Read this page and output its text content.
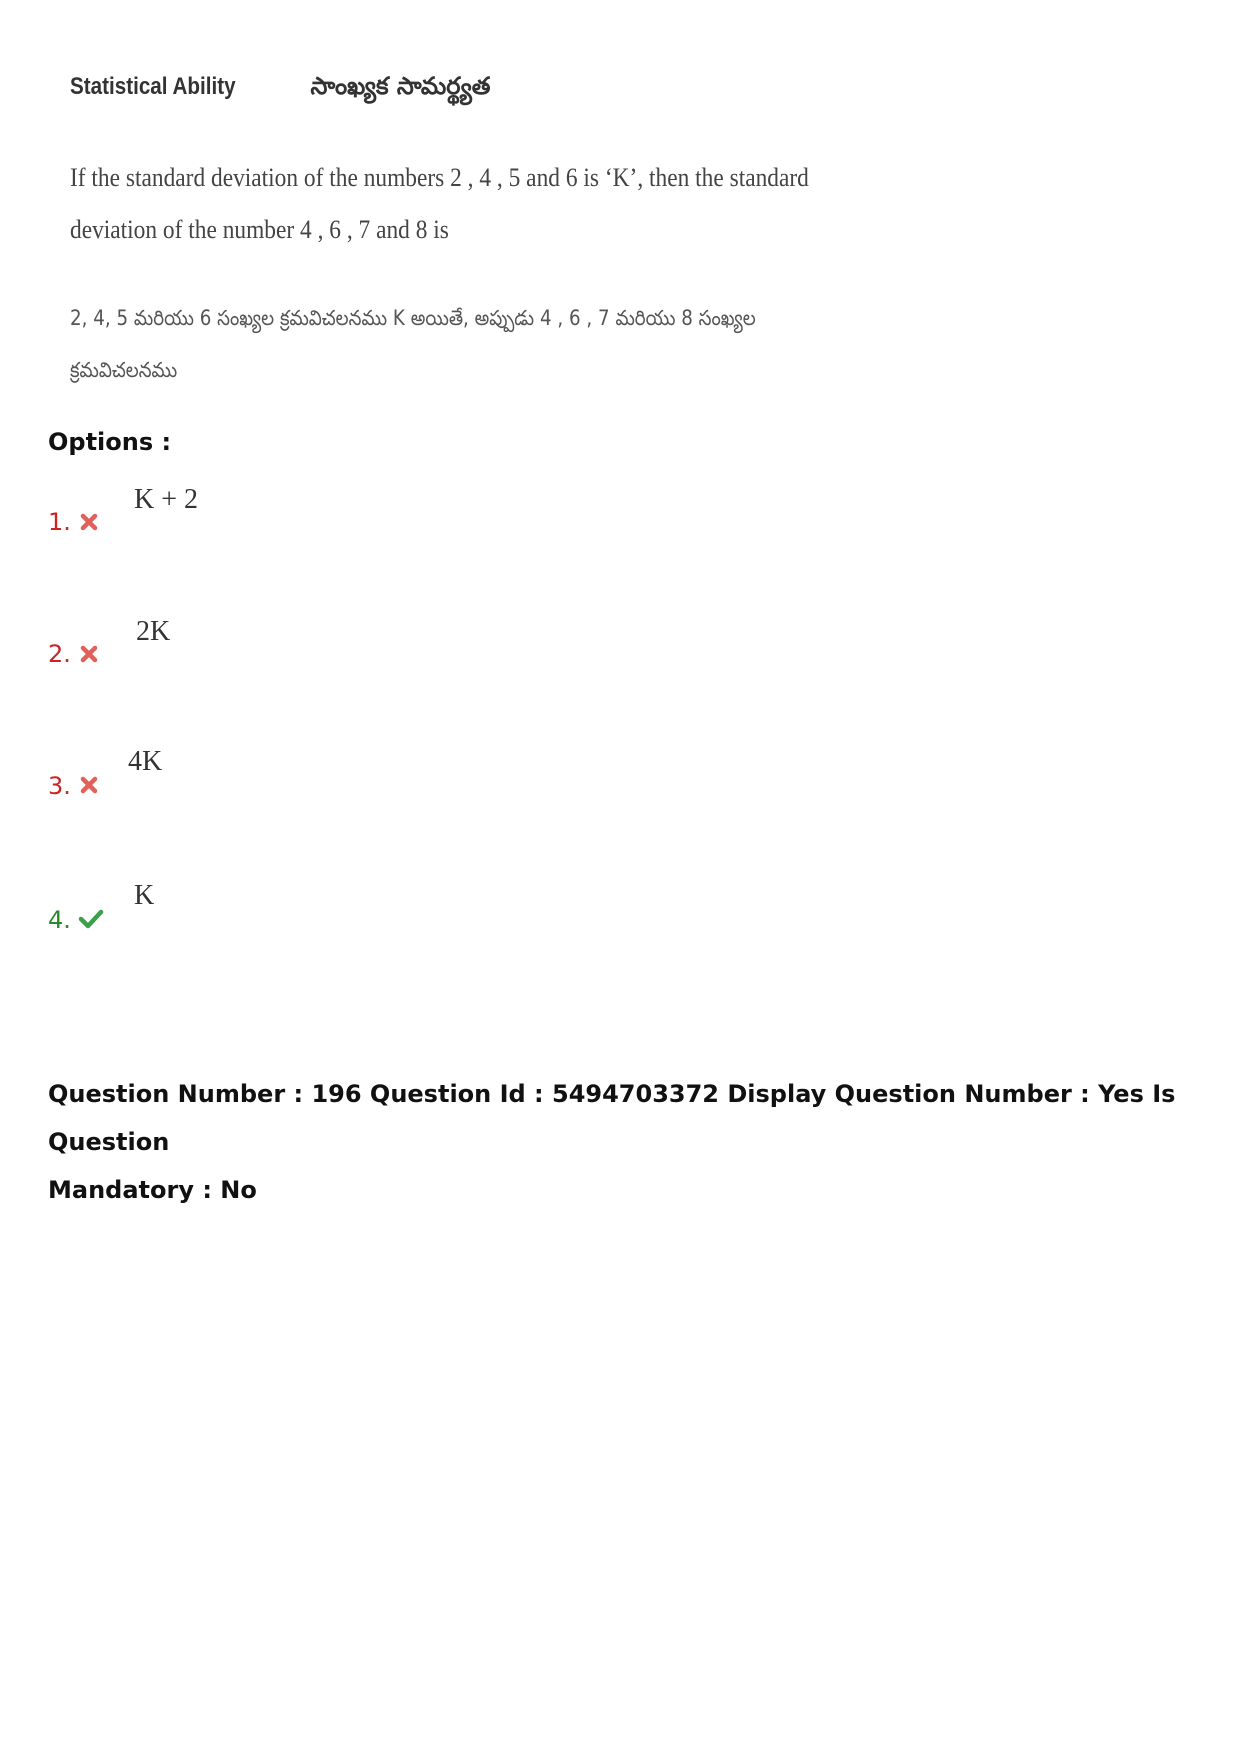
Statistical Ability	సాంఖ్యక సామర్థ్యత
If the standard deviation of the numbers 2 , 4 , 5 and 6 is ‘K’, then the standard
deviation of the number 4 , 6 , 7 and 8 is
2, 4, 5 మరియు 6 సంఖ్యల క్రమవిచలనము K అయితే, అప్పుడు 4 , 6 , 7 మరియు 8 సంఖ్యల
క్రమవిచలనము
Options :
1.
K + 2
2.
2K
3.
4K
4.
K
Question Number : 196 Question Id : 5494703372 Display Question Number : Yes Is Question
Mandatory : No
